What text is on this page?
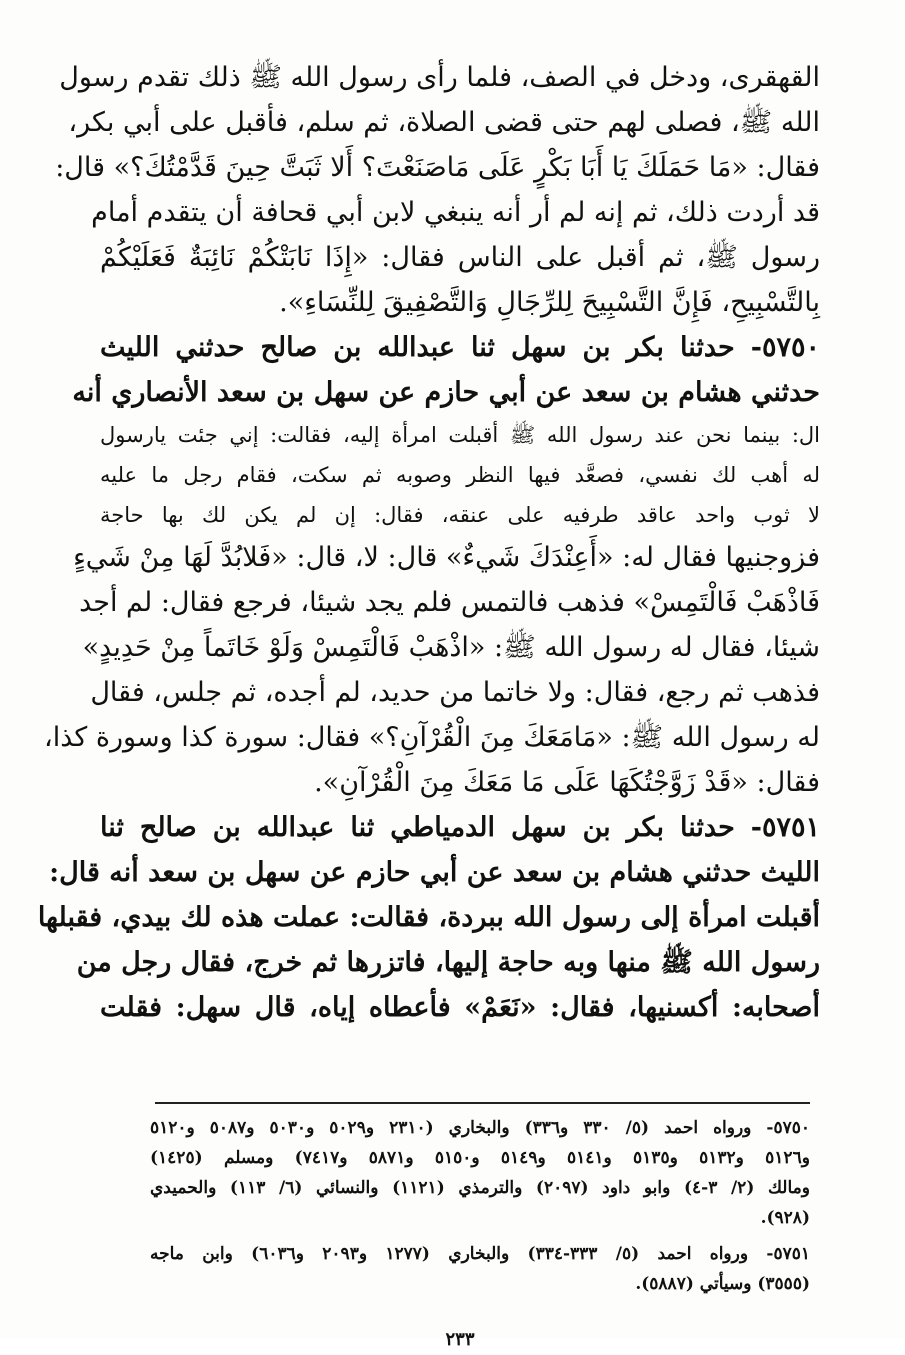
القهقرى، ودخل في الصف، فلما رأى رسول الله ﷺ ذلك تقدم رسول
الله ﷺ، فصلى لهم حتى قضى الصلاة، ثم سلم، فأقبل على أبي بكر،
فقال: «مَا حَمَلَكَ يَا أَبَا بَكْرٍ عَلَى مَاصَنَعْتَ؟ أَلا ثَبَتَّ حِينَ قَدَّمْتُكَ؟» قال:
قد أردت ذلك، ثم إنه لم أر أنه ينبغي لابن أبي قحافة أن يتقدم أمام
رسول ﷺ، ثم أقبل على الناس فقال: «إِذَا نَابَتْكُمْ نَائِبَةٌ فَعَلَيْكُمْ
بِالتَّسْبِيحِ، فَإِنَّ التَّسْبِيحَ لِلرِّجَالِ وَالتَّصْفِيقَ لِلنِّسَاءِ».
٥٧٥٠- حدثنا بكر بن سهل ثنا عبدالله بن صالح حدثني الليث
حدثني هشام بن سعد عن أبي حازم عن سهل بن سعد الأنصاري أنه
ال: بينما نحن عند رسول الله ﷺ أقبلت امرأة إليه، فقالت: إني جئت يارسول
له أهب لك نفسي، فصعَّد فيها النظر وصوبه ثم سكت، فقام رجل ما عليه
لا ثوب واحد عاقد طرفيه على عنقه، فقال: إن لم يكن لك بها حاجة
فزوجنيها فقال له: «أَعِنْدَكَ شَيءٌ» قال: لا، قال: «فَلابُدَّ لَهَا مِنْ شَيءٍ
فَاذْهَبْ فَالْتَمِسْ» فذهب فالتمس فلم يجد شيئا، فرجع فقال: لم أجد
شيئا، فقال له رسول الله ﷺ: «اذْهَبْ فَالْتَمِسْ وَلَوْ خَاتَماً مِنْ حَدِيدٍ»
فذهب ثم رجع، فقال: ولا خاتما من حديد، لم أجده، ثم جلس، فقال
له رسول الله ﷺ: «مَامَعَكَ مِنَ الْقُرْآنِ؟» فقال: سورة كذا وسورة كذا،
فقال: «قَدْ زَوَّجْتُكَهَا عَلَى مَا مَعَكَ مِنَ الْقُرْآنِ».
٥٧٥١- حدثنا بكر بن سهل الدمياطي ثنا عبدالله بن صالح ثنا
الليث حدثني هشام بن سعد عن أبي حازم عن سهل بن سعد أنه قال:
أقبلت امرأة إلى رسول الله ببردة، فقالت: عملت هذه لك بيدي، فقبلها
رسول الله ﷺ منها وبه حاجة إليها، فاتزرها ثم خرج، فقال رجل من
أصحابه: أكسنيها، فقال: «نَعَمْ» فأعطاه إياه، قال سهل: فقلت
٥٧٥٠- ورواه احمد (٥/ ٣٣٠ و٣٣٦) والبخاري (٢٣١٠ و٥٠٢٩ و٥٠٣٠ و٥٠٨٧ و٥١٢٠
و٥١٢٦ و٥١٣٢ و٥١٣٥ و٥١٤١ و٥١٤٩ و٥١٥٠ و٥٨٧١ و٧٤١٧) ومسلم (١٤٢٥)
ومالك (٢/ ٣-٤) وابو داود (٢٠٩٧) والترمذي (١١٢١) والنسائي (٦/ ١١٣) والحميدي
(٩٢٨).
٥٧٥١- ورواه احمد (٥/ ٣٣٣-٣٣٤) والبخاري (١٢٧٧ و٢٠٩٣ و٦٠٣٦) وابن ماجه
(٣٥٥٥) وسيأتي (٥٨٨٧).
٢٣٣
